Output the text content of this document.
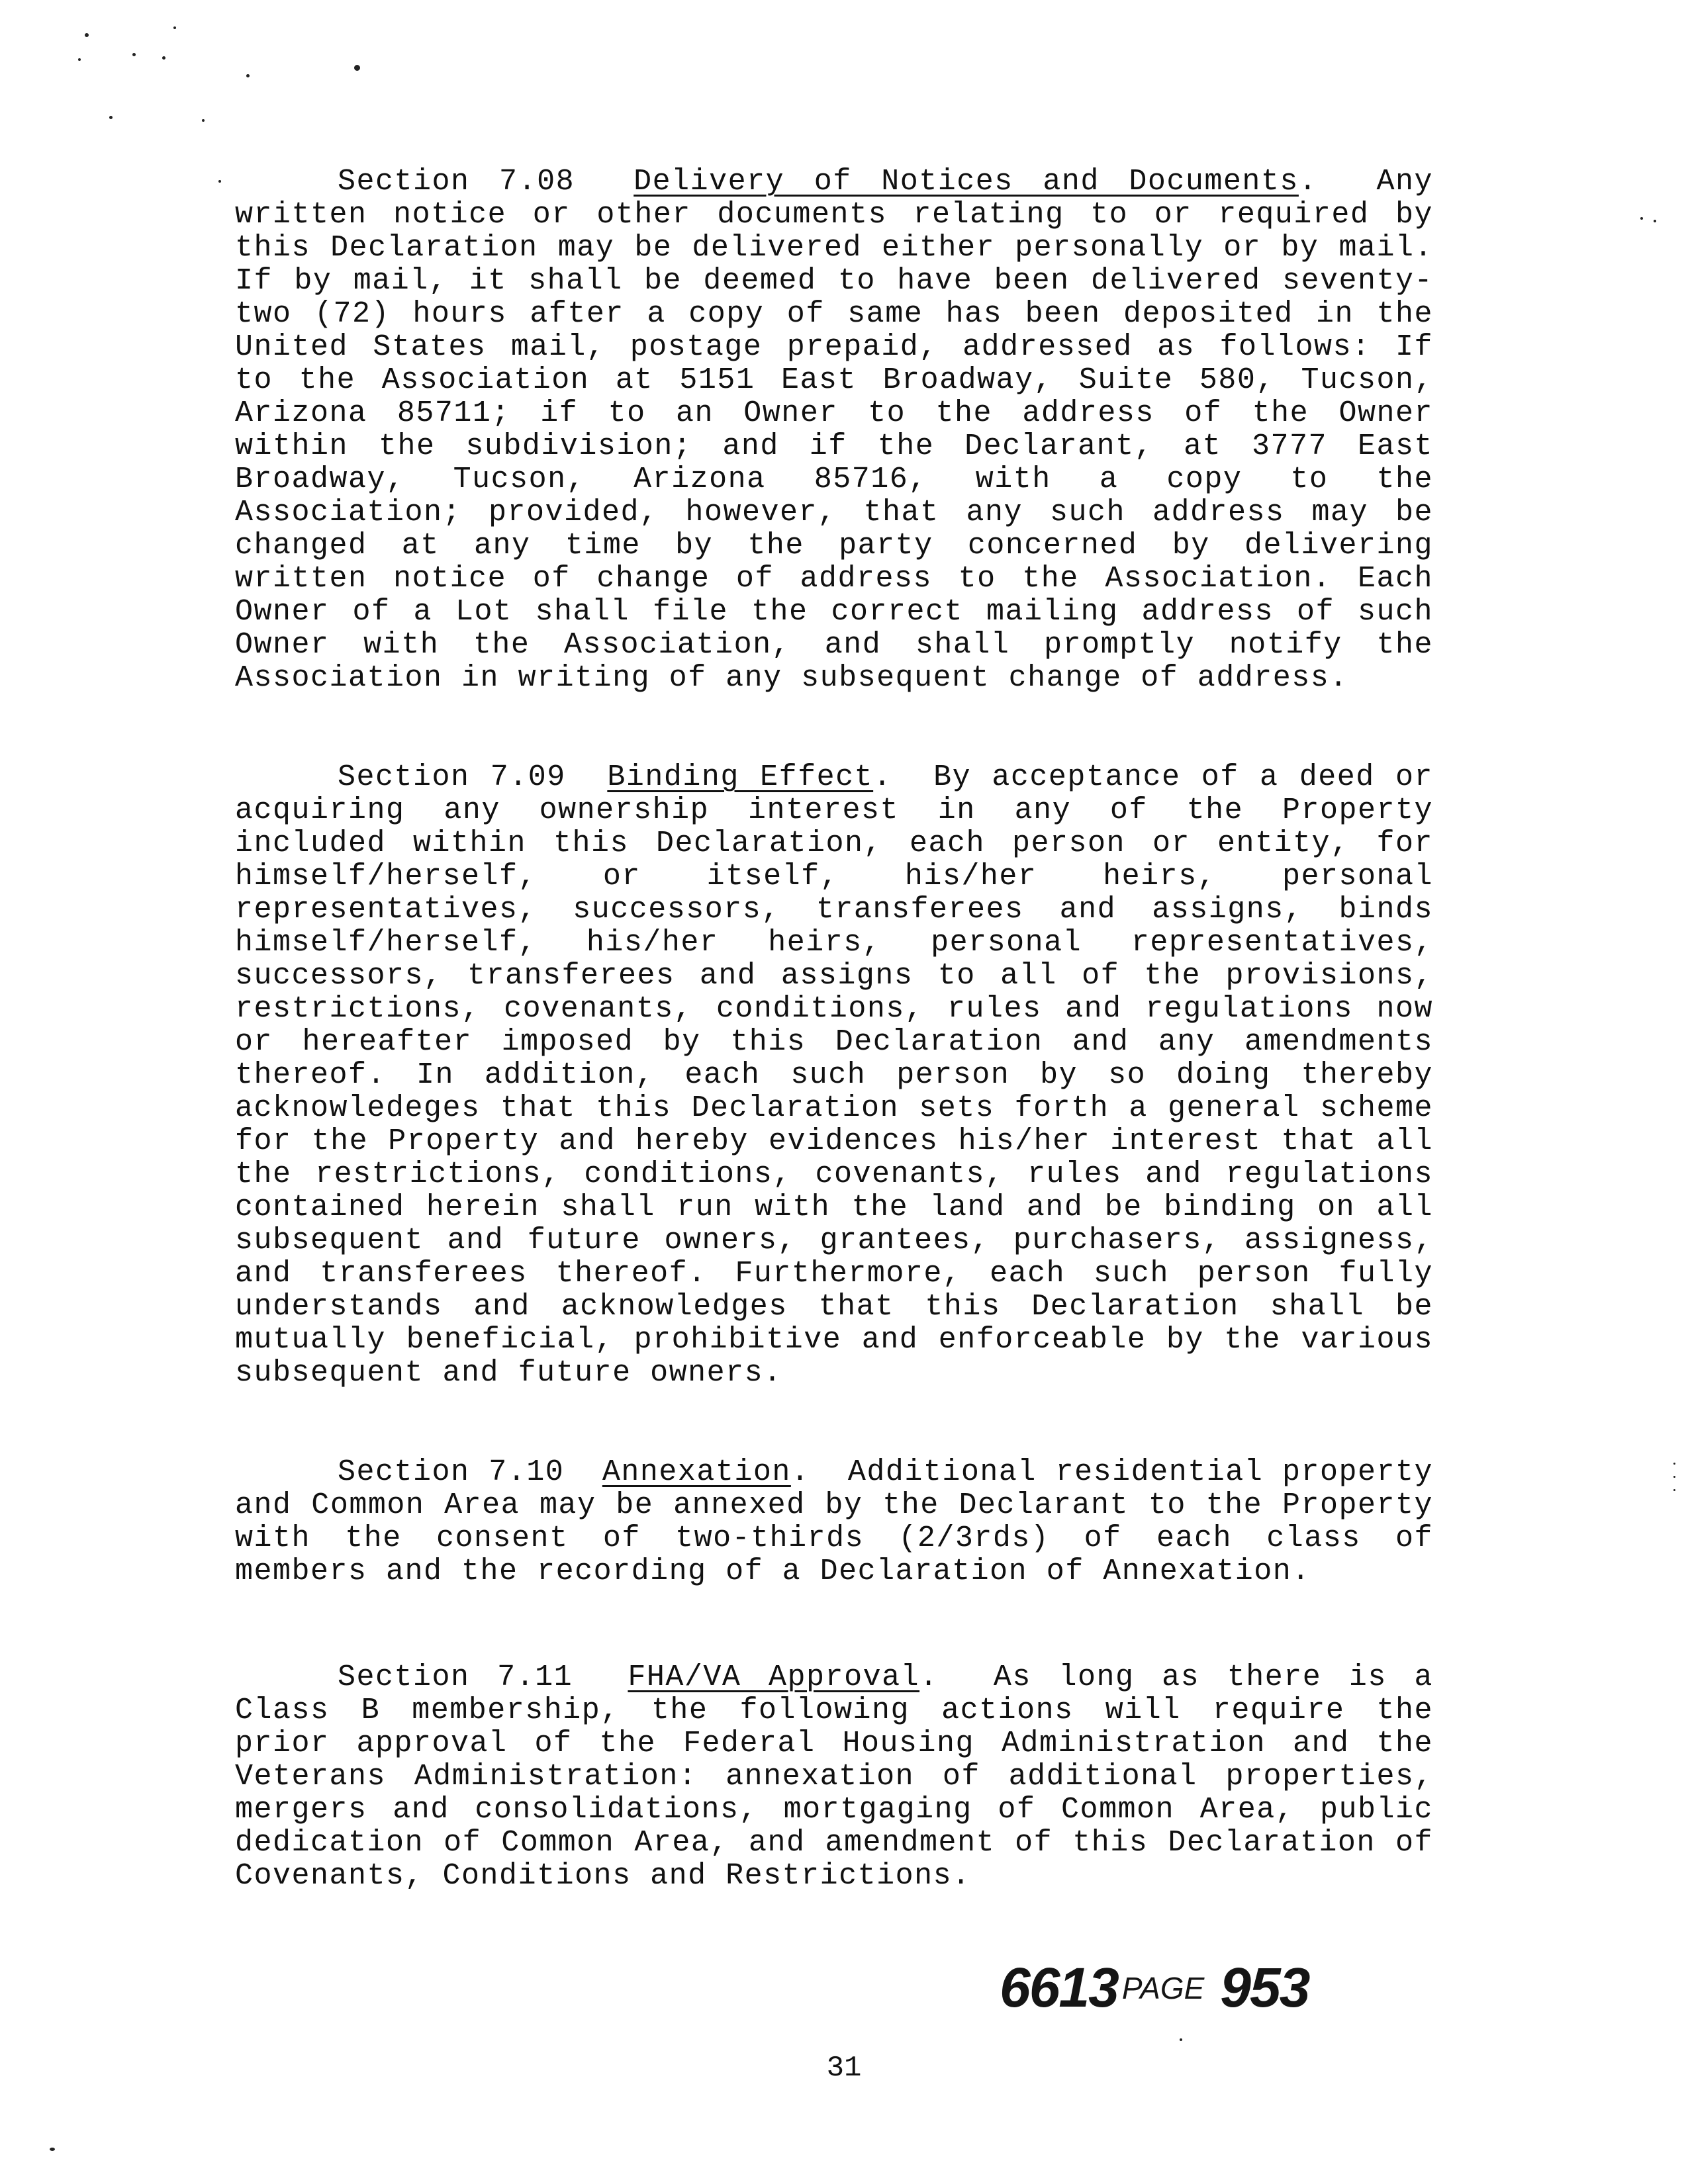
Section 7.08 Delivery of Notices and Documents.  Any written notice or other documents relating to or required by this Declaration may be delivered either personally or by mail. If by mail, it shall be deemed to have been delivered seventy-two (72) hours after a copy of same has been deposited in the United States mail, postage prepaid, addressed as follows: If to the Association at 5151 East Broadway, Suite 580, Tucson, Arizona 85711; if to an Owner to the address of the Owner within the subdivision; and if the Declarant, at 3777 East Broadway, Tucson, Arizona 85716, with a copy to the Association; provided, however, that any such address may be changed at any time by the party concerned by delivering written notice of change of address to the Association. Each Owner of a Lot shall file the correct mailing address of such Owner with the Association, and shall promptly notify the Association in writing of any subsequent change of address.

Section 7.09 Binding Effect.  By acceptance of a deed or acquiring any ownership interest in any of the Property included within this Declaration, each person or entity, for himself/herself, or itself, his/her heirs, personal representatives, successors, transferees and assigns, binds himself/herself, his/her heirs, personal representatives, successors, transferees and assigns to all of the provisions, restrictions, covenants, conditions, rules and regulations now or hereafter imposed by this Declaration and any amendments thereof. In addition, each such person by so doing thereby acknowledeges that this Declaration sets forth a general scheme for the Property and hereby evidences his/her interest that all the restrictions, conditions, covenants, rules and regulations contained herein shall run with the land and be binding on all subsequent and future owners, grantees, purchasers, assigness, and transferees thereof. Furthermore, each such person fully understands and acknowledges that this Declaration shall be mutually beneficial, prohibitive and enforceable by the various subsequent and future owners.

Section 7.10 Annexation.  Additional residential property and Common Area may be annexed by the Declarant to the Property with the consent of two-thirds (2/3rds) of each class of members and the recording of a Declaration of Annexation.

Section 7.11 FHA/VA Approval.  As long as there is a Class B membership, the following actions will require the prior approval of the Federal Housing Administration and the Veterans Administration: annexation of additional properties, mergers and consolidations, mortgaging of Common Area, public dedication of Common Area, and amendment of this Declaration of Covenants, Conditions and Restrictions.

6613 PAGE 953
31
